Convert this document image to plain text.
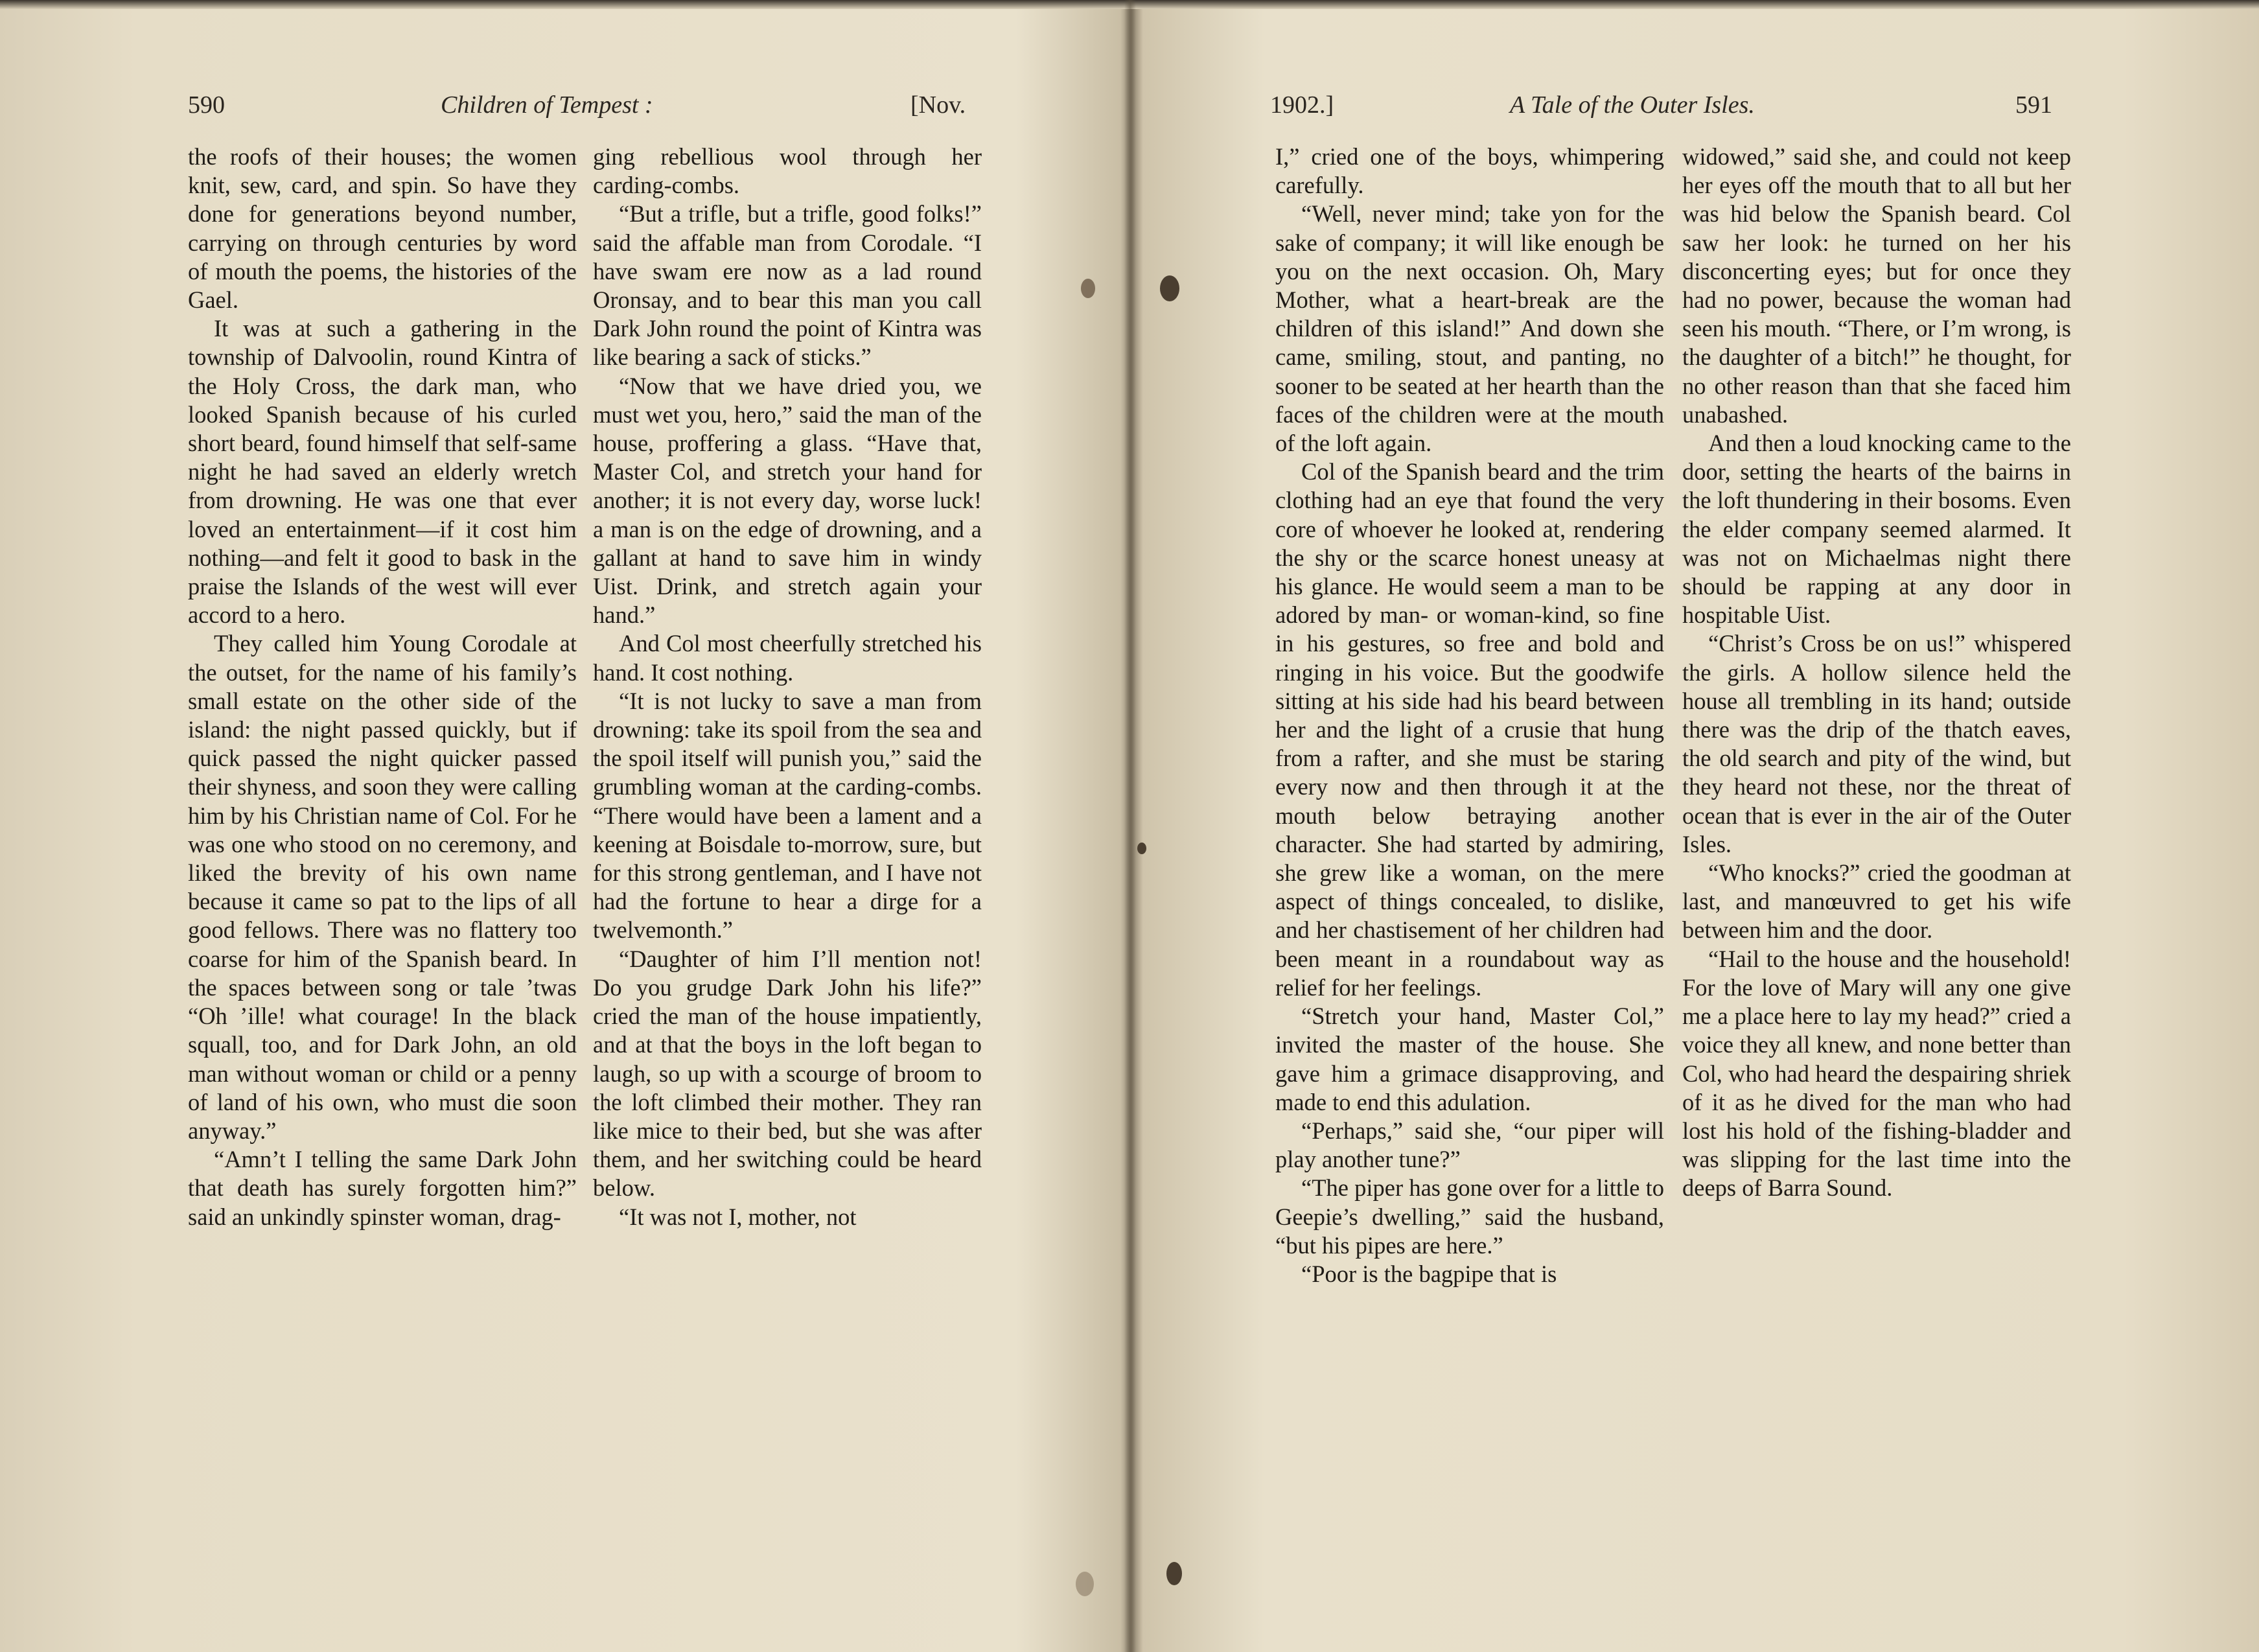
590	Children of Tempest :	[Nov.

the roofs of their houses; the women knit, sew, card, and spin. So have they done for generations beyond number, carrying on through centuries by word of mouth the poems, the histories of the Gael.

It was at such a gathering in the township of Dalvoolin, round Kintra of the Holy Cross, the dark man, who looked Spanish because of his curled short beard, found himself that self-same night he had saved an elderly wretch from drowning. He was one that ever loved an entertainment—if it cost him nothing—and felt it good to bask in the praise the Islands of the west will ever accord to a hero.

They called him Young Corodale at the outset, for the name of his family’s small estate on the other side of the island: the night passed quickly, but if quick passed the night quicker passed their shyness, and soon they were calling him by his Christian name of Col. For he was one who stood on no ceremony, and liked the brevity of his own name because it came so pat to the lips of all good fellows. There was no flattery too coarse for him of the Spanish beard. In the spaces between song or tale ’twas “Oh ’ille! what courage! In the black squall, too, and for Dark John, an old man without woman or child or a penny of land of his own, who must die soon anyway.”

“Amn’t I telling the same Dark John that death has surely forgotten him?” said an unkindly spinster woman, drag-

ging rebellious wool through her carding-combs.

“But a trifle, but a trifle, good folks!” said the affable man from Corodale. “I have swam ere now as a lad round Oronsay, and to bear this man you call Dark John round the point of Kintra was like bearing a sack of sticks.”

“Now that we have dried you, we must wet you, hero,” said the man of the house, proffering a glass. “Have that, Master Col, and stretch your hand for another; it is not every day, worse luck! a man is on the edge of drowning, and a gallant at hand to save him in windy Uist. Drink, and stretch again your hand.”

And Col most cheerfully stretched his hand. It cost nothing.

“It is not lucky to save a man from drowning: take its spoil from the sea and the spoil itself will punish you,” said the grumbling woman at the carding-combs. “There would have been a lament and a keening at Boisdale to-morrow, sure, but for this strong gentleman, and I have not had the fortune to hear a dirge for a twelvemonth.”

“Daughter of him I’ll mention not! Do you grudge Dark John his life?” cried the man of the house impatiently, and at that the boys in the loft began to laugh, so up with a scourge of broom to the loft climbed their mother. They ran like mice to their bed, but she was after them, and her switching could be heard below.

“It was not I, mother, not

1902.]	A Tale of the Outer Isles.	591

I,” cried one of the boys, whimpering carefully.

“Well, never mind; take yon for the sake of company; it will like enough be you on the next occasion. Oh, Mary Mother, what a heart-break are the children of this island!” And down she came, smiling, stout, and panting, no sooner to be seated at her hearth than the faces of the children were at the mouth of the loft again.

Col of the Spanish beard and the trim clothing had an eye that found the very core of whoever he looked at, rendering the shy or the scarce honest uneasy at his glance. He would seem a man to be adored by man- or woman-kind, so fine in his gestures, so free and bold and ringing in his voice. But the goodwife sitting at his side had his beard between her and the light of a crusie that hung from a rafter, and she must be staring every now and then through it at the mouth below betraying another character. She had started by admiring, she grew like a woman, on the mere aspect of things concealed, to dislike, and her chastisement of her children had been meant in a roundabout way as relief for her feelings.

“Stretch your hand, Master Col,” invited the master of the house. She gave him a grimace disapproving, and made to end this adulation.

“Perhaps,” said she, “our piper will play another tune?”

“The piper has gone over for a little to Geepie’s dwelling,” said the husband, “but his pipes are here.”

“Poor is the bagpipe that is

widowed,” said she, and could not keep her eyes off the mouth that to all but her was hid below the Spanish beard. Col saw her look: he turned on her his disconcerting eyes; but for once they had no power, because the woman had seen his mouth. “There, or I’m wrong, is the daughter of a bitch!” he thought, for no other reason than that she faced him unabashed.

And then a loud knocking came to the door, setting the hearts of the bairns in the loft thundering in their bosoms. Even the elder company seemed alarmed. It was not on Michaelmas night there should be rapping at any door in hospitable Uist.

“Christ’s Cross be on us!” whispered the girls. A hollow silence held the house all trembling in its hand; outside there was the drip of the thatch eaves, the old search and pity of the wind, but they heard not these, nor the threat of ocean that is ever in the air of the Outer Isles.

“Who knocks?” cried the goodman at last, and manœuvred to get his wife between him and the door.

“Hail to the house and the household! For the love of Mary will any one give me a place here to lay my head?” cried a voice they all knew, and none better than Col, who had heard the despairing shriek of it as he dived for the man who had lost his hold of the fishing-bladder and was slipping for the last time into the deeps of Barra Sound.
